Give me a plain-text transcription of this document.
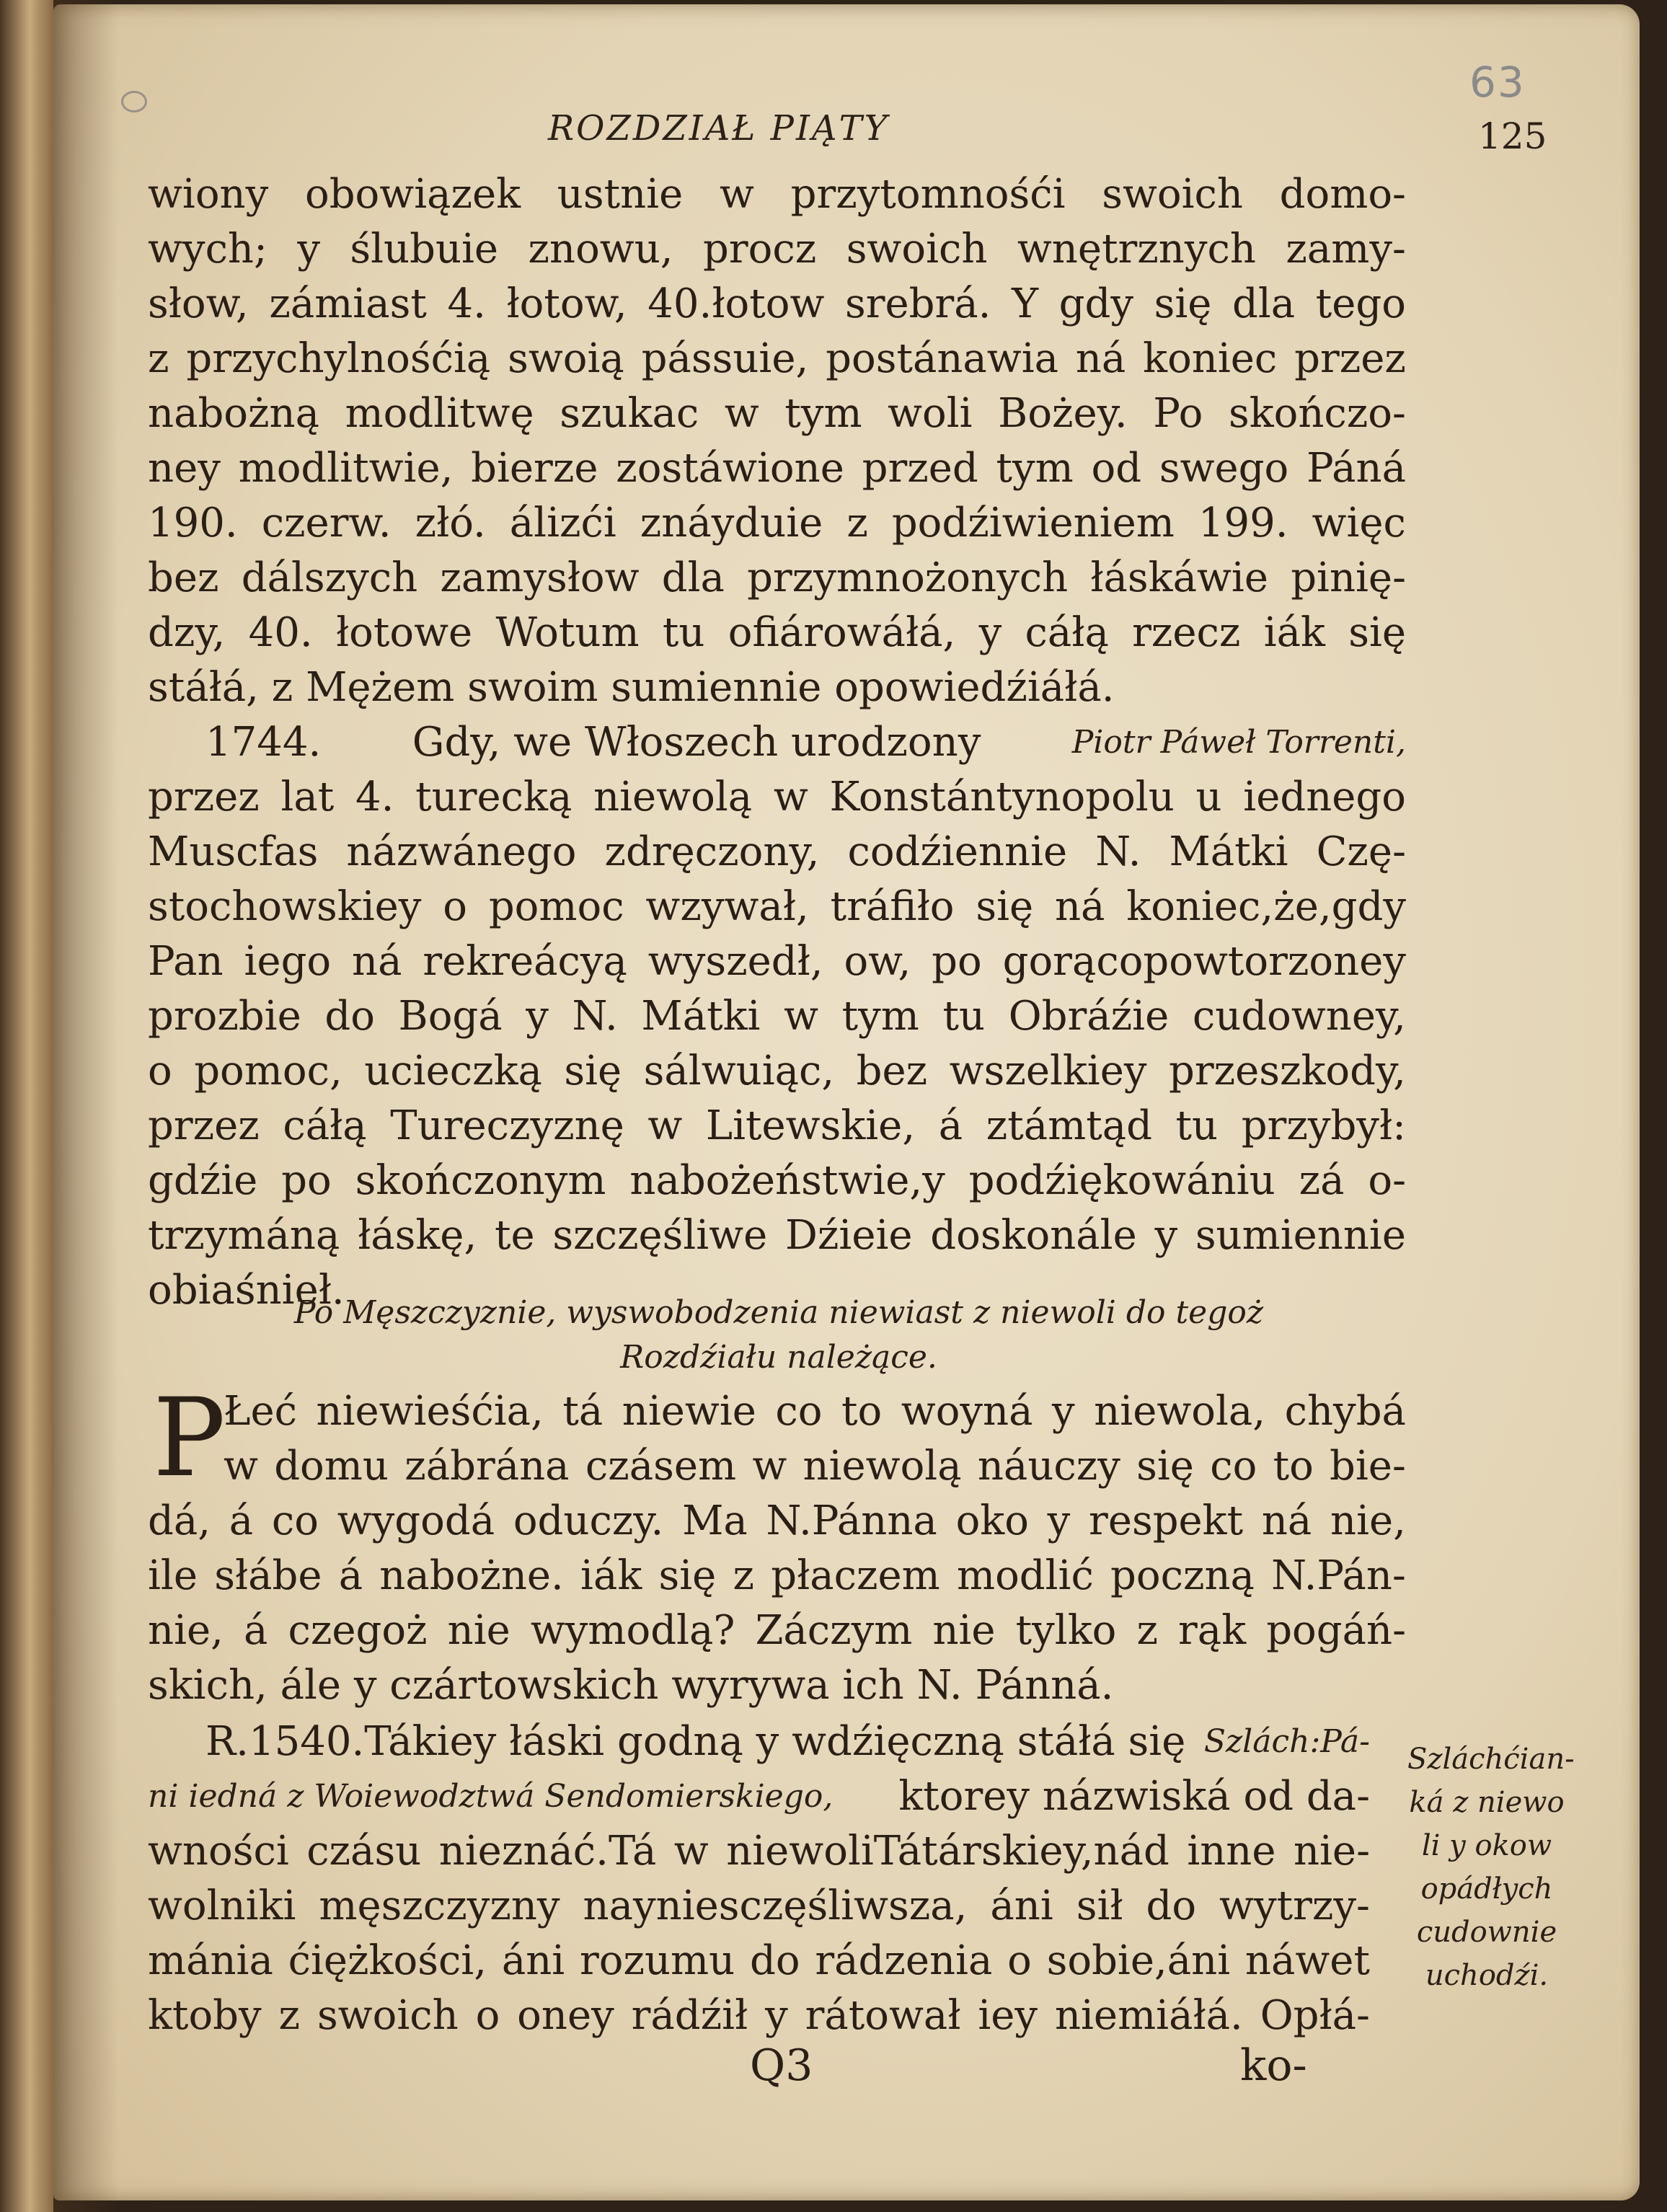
63
ROZDZIAŁ PIĄTY	125
wiony obowiązek ustnie w przytomnośći swoich domo-
wych; y ślubuie znowu, procz swoich wnętrznych zamy-
słow, zámiast 4. łotow, 40.łotow srebrá. Y gdy się dla tego
z przychylnośćią swoią pássuie, postánawia ná koniec przez
nabożną modlitwę szukac w tym woli Bożey. Po skończo-
ney modlitwie, bierze zostáwione przed tym od swego Páná
190. czerw. złó. álizći znáyduie z podźiwieniem 199. więc
bez dálszych zamysłow dla przymnożonych łáskáwie pinię-
dzy, 40. łotowe Wotum tu ofiárowáłá, y cáłą rzecz iák się
stáłá, z Mężem swoim sumiennie opowiedźiáłá.
1744. Gdy, we Włoszech urodzony	Piotr Páweł Torrenti,
przez lat 4. turecką niewolą w Konstántynopolu u iednego
Muscfas názwánego zdręczony, codźiennie N. Mátki Czę-
stochowskiey o pomoc wzywał, tráfiło się ná koniec,że,gdy
Pan iego ná rekreácyą wyszedł, ow, po gorącopowtorzoney
prozbie do Bogá y N. Mátki w tym tu Obráźie cudowney,
o pomoc, ucieczką się sálwuiąc, bez wszelkiey przeszkody,
przez cáłą Tureczyznę w Litewskie, á ztámtąd tu przybył:
gdźie po skończonym nabożeństwie,y podźiękowániu zá o-
trzymáną łáskę, te szczęśliwe Dźieie doskonále y sumiennie
obiaśnieł.
Po Męszczyznie, wyswobodzenia niewiast z niewoli do tegoż
Rozdźiału należące.
P
Łeć niewieśćia, tá niewie co to woyná y niewola, chybá
w domu zábrána czásem w niewolą náuczy się co to bie-
dá, á co wygodá oduczy. Ma N.Pánna oko y respekt ná nie,
ile słábe á nabożne. iák się z płaczem modlić poczną N.Pán-
nie, á czegoż nie wymodlą? Záczym nie tylko z rąk pogáń-
skich, ále y czártowskich wyrywa ich N. Pánná.
R.1540.Tákiey łáski godną y wdźięczną stáłá się Szlách:Pá-
ni iedná z Woiewodztwá Sendomierskiego, ktorey názwiská od da-
wności czásu nieznáć.Tá w niewoliTátárskiey,nád inne nie-
wolniki męszczyzny nayniesczęśliwsza, áni sił do wytrzy-
mánia ćiężkości, áni rozumu do rádzenia o sobie,áni náwet
ktoby z swoich o oney rádźił y rátował iey niemiáłá. Opłá-
Szláchćian-
ká z niewo
li y okow
opádłych
cudownie
uchodźi.
Q3	ko-
